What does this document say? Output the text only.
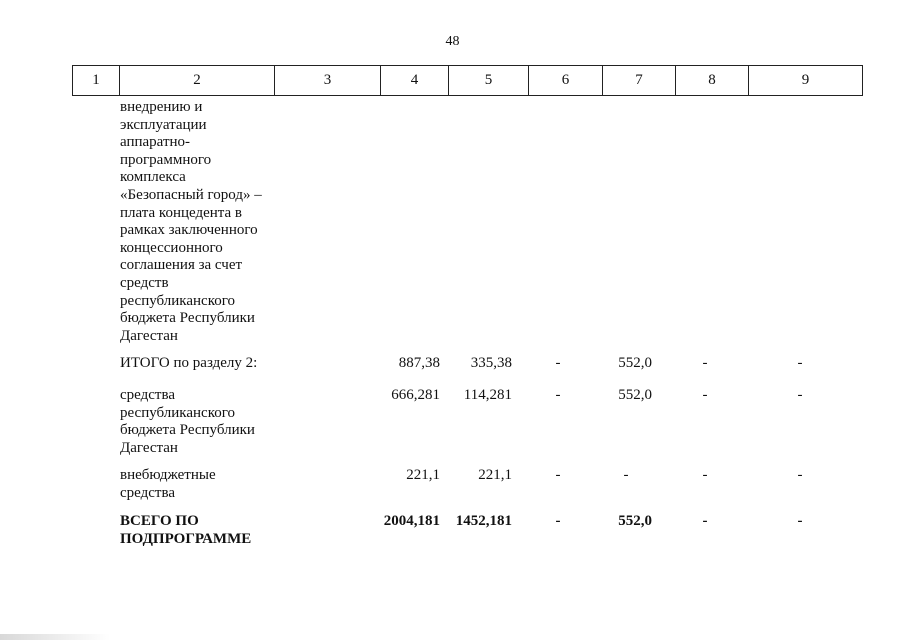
48
1	2	3	4	5	6	7	8	9
внедрению и
эксплуатации
аппаратно-
программного
комплекса
«Безопасный город» –
плата концедента в
рамках заключенного
концессионного
соглашения за счет
средств
республиканского
бюджета Республики
Дагестан
ИТОГО по разделу 2:	887,38	335,38	-	552,0	-	-
средства
республиканского
бюджета Республики
Дагестан
666,281	114,281	-	552,0	-	-
внебюджетные
средства
221,1	221,1	-	-	-	-
ВСЕГО ПО
ПОДПРОГРАММЕ
2004,181	1452,181	-	552,0	-	-
